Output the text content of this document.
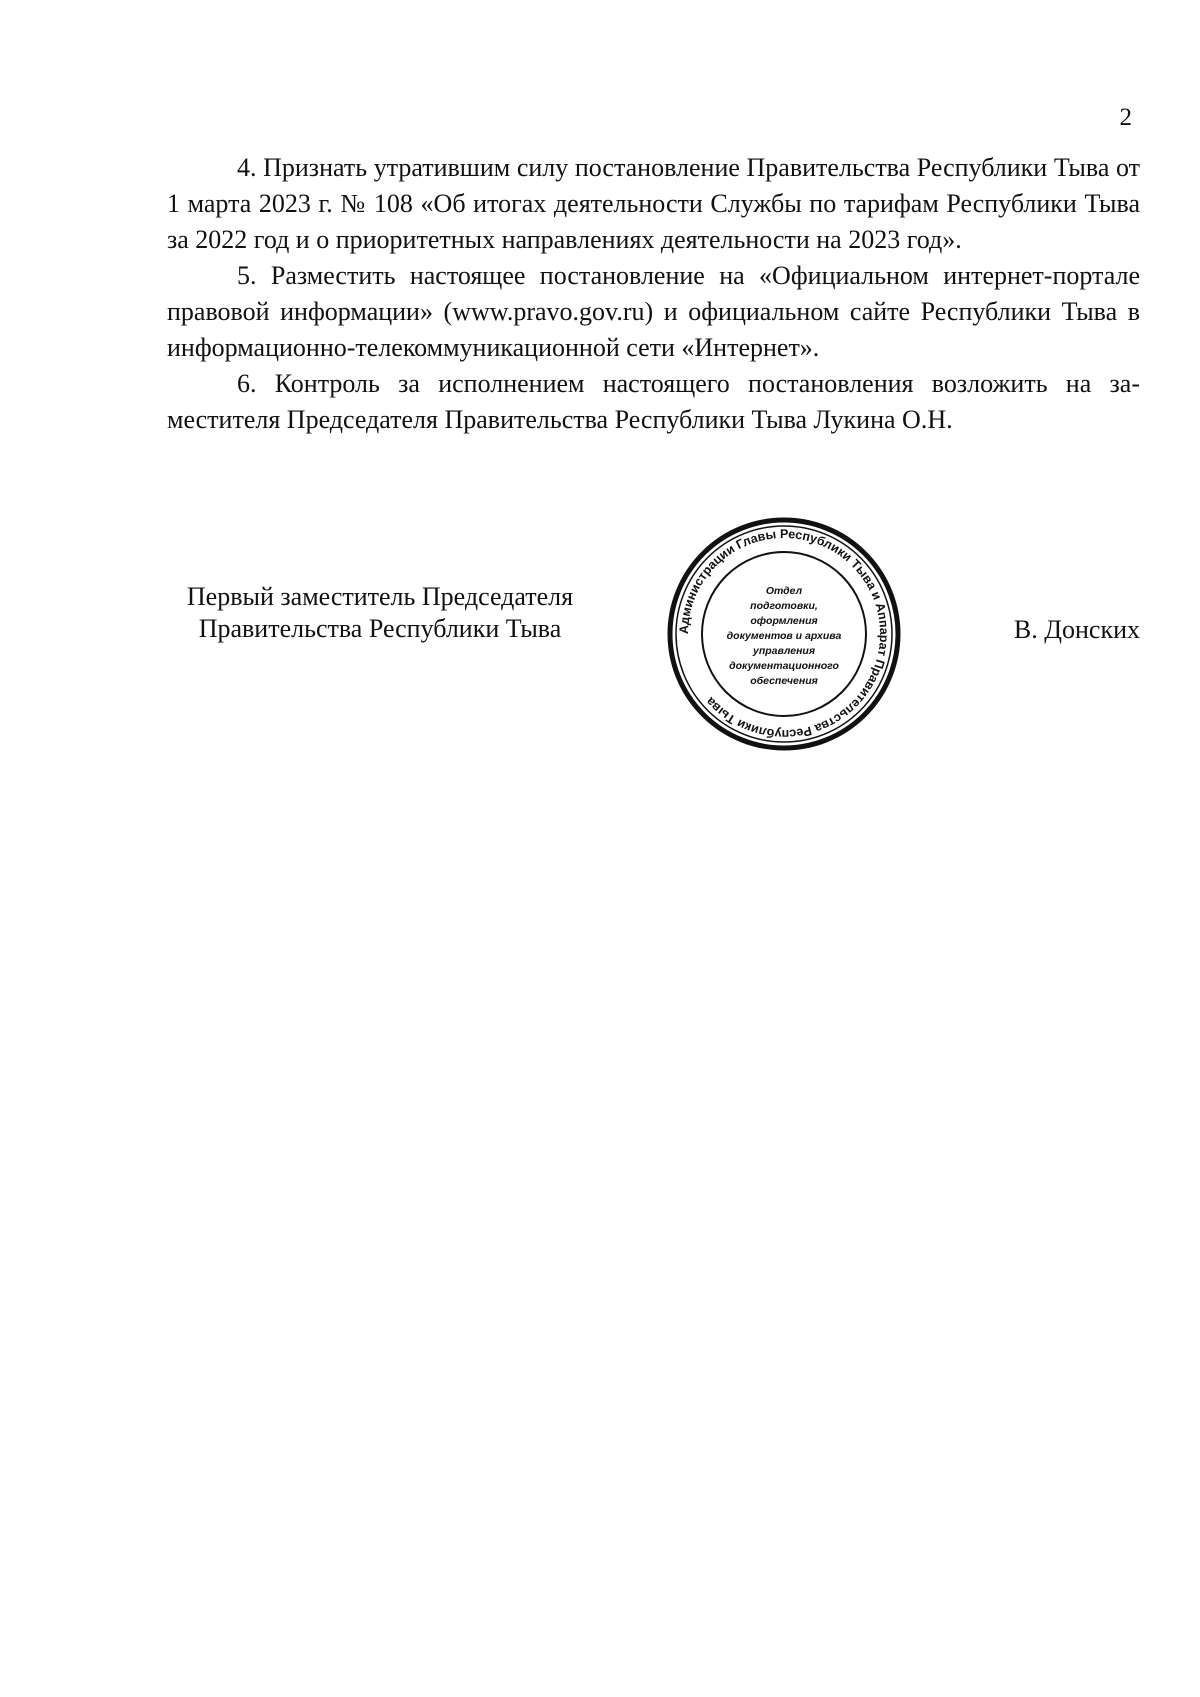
2

4. Признать утратившим силу постановление Правительства Республики Тыва от 1 марта 2023 г. № 108 «Об итогах деятельности Службы по тарифам Республики Тыва за 2022 год и о приоритетных направлениях деятельности на 2023 год».

5. Разместить настоящее постановление на «Официальном интернет-портале правовой информации» (www.pravo.gov.ru) и официальном сайте Республики Тыва в информационно-телекоммуникационной сети «Интернет».

6. Контроль за исполнением настоящего постановления возложить на заместителя Председателя Правительства Республики Тыва Лукина О.Н.

Первый заместитель Председателя
Правительства Республики Тыва	Администрации Главы Республики Тыва и Аппарат Правительства Республики Тыва
Отдел
подготовки,
оформления
документов и архива
управления
документационного
обеспечения
В. Донских
